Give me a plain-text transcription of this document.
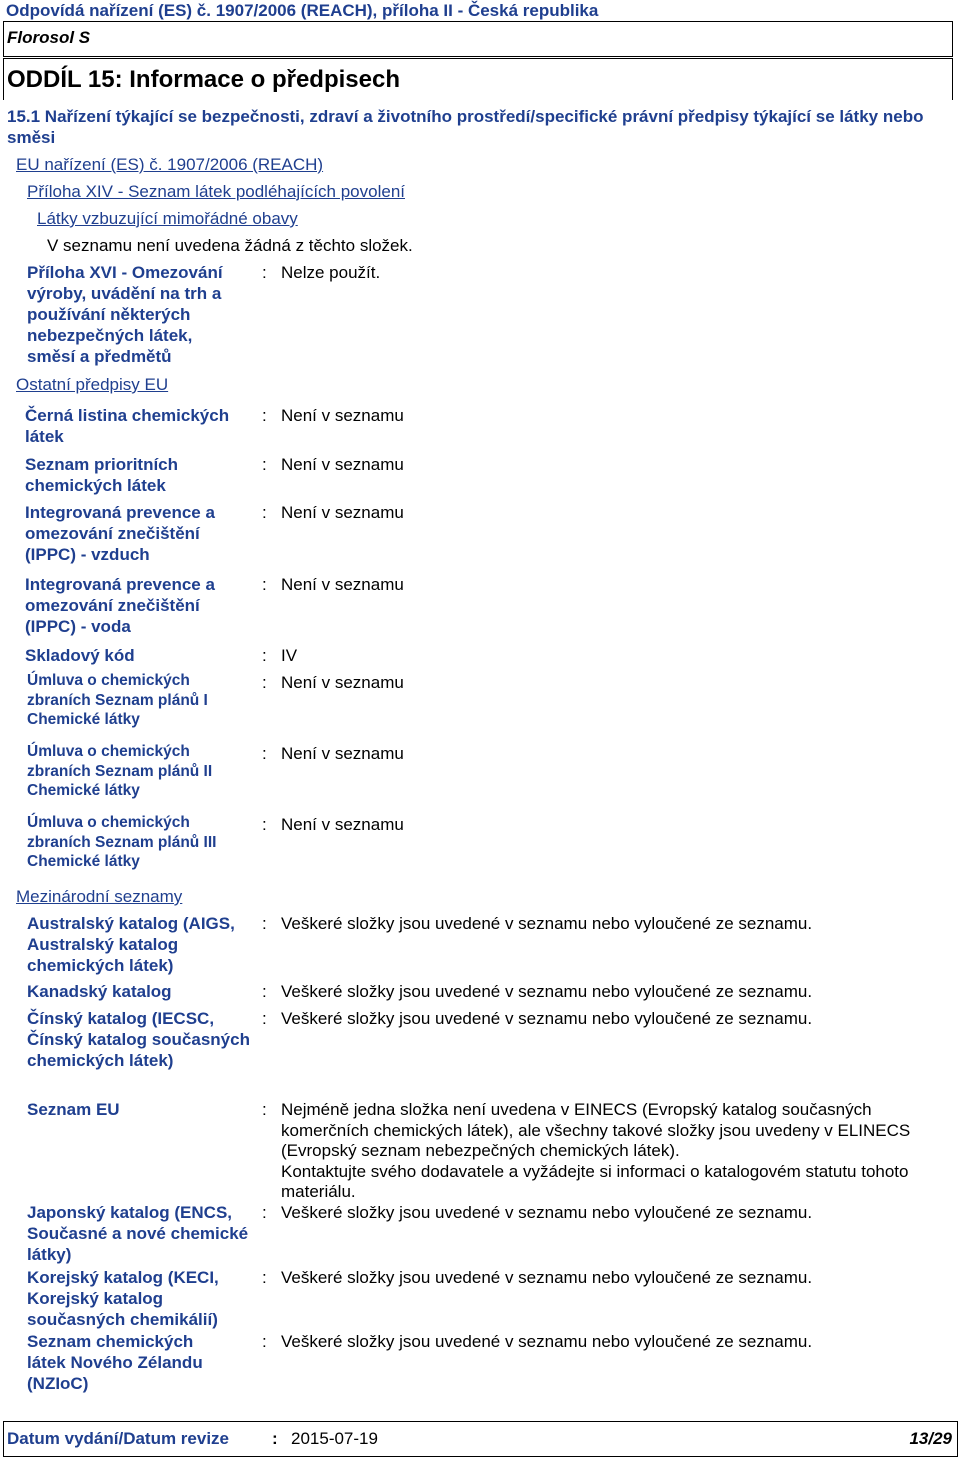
Odpovídá nařízení (ES) č. 1907/2006 (REACH), příloha II - Česká republika
Florosol S
ODDÍL 15: Informace o předpisech
15.1 Nařízení týkající se bezpečnosti, zdraví a životního prostředí/specifické právní předpisy týkající se látky nebo směsi
EU nařízení (ES) č. 1907/2006 (REACH)
Příloha XIV - Seznam látek podléhajících povolení
Látky vzbuzující mimořádné obavy
V seznamu není uvedena žádná z těchto složek.
Příloha XVI - Omezování výroby, uvádění na trh a používání některých nebezpečných látek, směsí a předmětů
: Nelze použít.
Ostatní předpisy EU
Černá listina chemických látek
: Není v seznamu
Seznam prioritních chemických látek
: Není v seznamu
Integrovaná prevence a omezování znečištění (IPPC) - vzduch
: Není v seznamu
Integrovaná prevence a omezování znečištění (IPPC) - voda
: Není v seznamu
Skladový kód	: IV
Úmluva o chemických zbraních Seznam plánů I Chemické látky
: Není v seznamu
Úmluva o chemických zbraních Seznam plánů II Chemické látky
: Není v seznamu
Úmluva o chemických zbraních Seznam plánů III Chemické látky
: Není v seznamu
Mezinárodní seznamy
Australský katalog (AIGS, Australský katalog chemických látek)
: Veškeré složky jsou uvedené v seznamu nebo vyloučené ze seznamu.
Kanadský katalog	: Veškeré složky jsou uvedené v seznamu nebo vyloučené ze seznamu.
Čínský katalog (IECSC, Čínský katalog současných chemických látek)
: Veškeré složky jsou uvedené v seznamu nebo vyloučené ze seznamu.
Seznam EU	: Nejméně jedna složka není uvedena v EINECS (Evropský katalog současných komerčních chemických látek), ale všechny takové složky jsou uvedeny v ELINECS (Evropský seznam nebezpečných chemických látek).
Kontaktujte svého dodavatele a vyžádejte si informaci o katalogovém statutu tohoto materiálu.
Japonský katalog (ENCS, Současné a nové chemické látky)
: Veškeré složky jsou uvedené v seznamu nebo vyloučené ze seznamu.
Korejský katalog (KECI, Korejský katalog současných chemikálií)
: Veškeré složky jsou uvedené v seznamu nebo vyloučené ze seznamu.
Seznam chemických látek Nového Zélandu (NZIoC)
: Veškeré složky jsou uvedené v seznamu nebo vyloučené ze seznamu.
Datum vydání/Datum revize	: 2015-07-19	13/29
